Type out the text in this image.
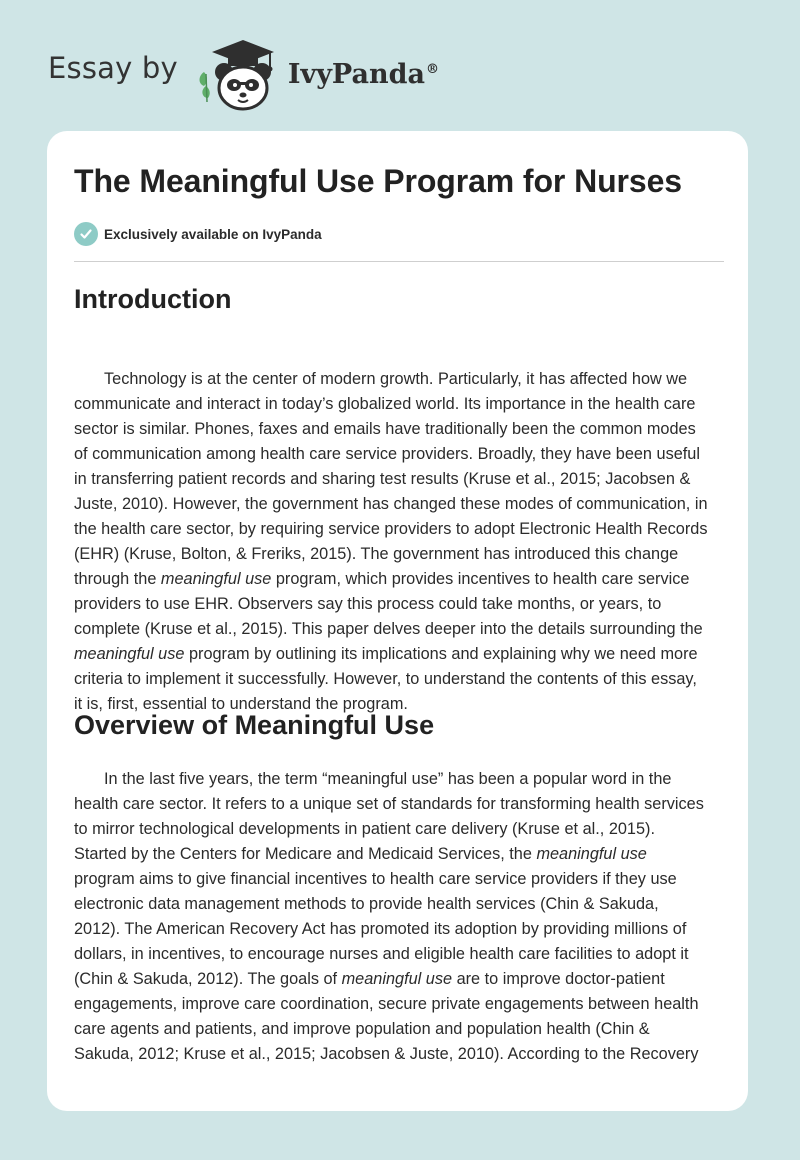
Essay by	IvyPanda®
The Meaningful Use Program for Nurses
Exclusively available on IvyPanda
Introduction
Technology is at the center of modern growth. Particularly, it has affected how we
communicate and interact in today’s globalized world. Its importance in the health care
sector is similar. Phones, faxes and emails have traditionally been the common modes
of communication among health care service providers. Broadly, they have been useful
in transferring patient records and sharing test results (Kruse et al., 2015; Jacobsen &
Juste, 2010). However, the government has changed these modes of communication, in
the health care sector, by requiring service providers to adopt Electronic Health Records
(EHR) (Kruse, Bolton, & Freriks, 2015). The government has introduced this change
through the meaningful use program, which provides incentives to health care service
providers to use EHR. Observers say this process could take months, or years, to
complete (Kruse et al., 2015). This paper delves deeper into the details surrounding the
meaningful use program by outlining its implications and explaining why we need more
criteria to implement it successfully. However, to understand the contents of this essay,
it is, first, essential to understand the program.
Overview of Meaningful Use
In the last five years, the term “meaningful use” has been a popular word in the
health care sector. It refers to a unique set of standards for transforming health services
to mirror technological developments in patient care delivery (Kruse et al., 2015).
Started by the Centers for Medicare and Medicaid Services, the meaningful use
program aims to give financial incentives to health care service providers if they use
electronic data management methods to provide health services (Chin & Sakuda,
2012). The American Recovery Act has promoted its adoption by providing millions of
dollars, in incentives, to encourage nurses and eligible health care facilities to adopt it
(Chin & Sakuda, 2012). The goals of meaningful use are to improve doctor-patient
engagements, improve care coordination, secure private engagements between health
care agents and patients, and improve population and population health (Chin &
Sakuda, 2012; Kruse et al., 2015; Jacobsen & Juste, 2010). According to the Recovery
